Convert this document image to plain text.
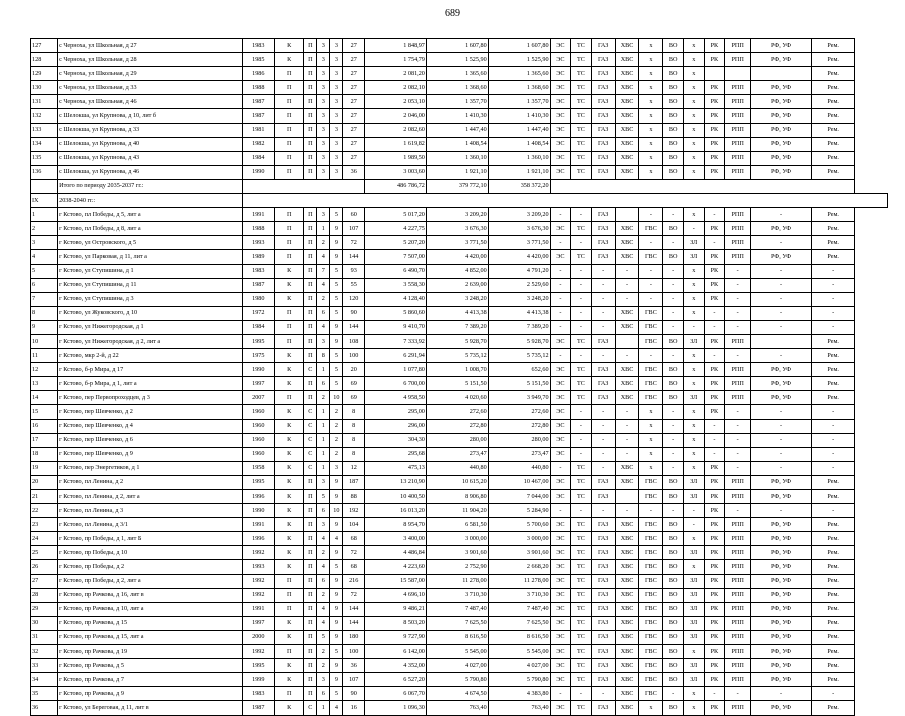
689
127	с Черноха, ул Школьная, д 27	1983	К	П	3	3	27	1 848,97	1 607,80	1 607,80	ЭС	ТС	ГАЗ	ХВС	х	ВО	х	РК	РПП	РФ, УФ	Рем.
128	с Черноха, ул Школьная, д 28	1985	К	П	3	3	27	1 754,79	1 525,90	1 525,90	ЭС	ТС	ГАЗ	ХВС	х	ВО	х	РК	РПП	РФ, УФ	Рем.
129	с Черноха, ул Школьная, д 29	1986	П	П	3	3	27	2 081,20	1 365,60	1 365,60	ЭС	ТС	ГАЗ	ХВС	х	ВО	х				Рем.
130	с Черноха, ул Школьная, д 33	1988	П	П	3	3	27	2 082,10	1 368,60	1 368,60	ЭС	ТС	ГАЗ	ХВС	х	ВО	х	РК	РПП	РФ, УФ	Рем.
131	с Черноха, ул Школьная, д 46	1987	П	П	3	3	27	2 053,10	1 357,70	1 357,70	ЭС	ТС	ГАЗ	ХВС	х	ВО	х	РК	РПП	РФ, УФ	Рем.
132	с Шелокша, ул Крупнова, д 10, лит б	1987	П	П	3	3	27	2 046,00	1 410,30	1 410,30	ЭС	ТС	ГАЗ	ХВС	х	ВО	х	РК	РПП	РФ, УФ	Рем.
133	с Шелокша, ул Крупнова, д 33	1981	П	П	3	3	27	2 082,60	1 447,40	1 447,40	ЭС	ТС	ГАЗ	ХВС	х	ВО	х	РК	РПП	РФ, УФ	Рем.
134	с Шелокша, ул Крупнова, д 40	1982	П	П	3	3	27	1 619,82	1 408,54	1 408,54	ЭС	ТС	ГАЗ	ХВС	х	ВО	х	РК	РПП	РФ, УФ	Рем.
135	с Шелокша, ул Крупнова, д 43	1984	П	П	3	3	27	1 989,50	1 360,10	1 360,10	ЭС	ТС	ГАЗ	ХВС	х	ВО	х	РК	РПП	РФ, УФ	Рем.
136	с Шелокша, ул Крупнова, д 46	1990	П	П	3	3	36	3 003,60	1 921,10	1 921,10	ЭС	ТС	ГАЗ	ХВС	х	ВО	х	РК	РПП	РФ, УФ	Рем.
	Итого по периоду 2035-2037 гг.:							486 786,72	379 772,10	358 372,20											
IX	2038-2040 гг.:																				
1	г Кстово, пл Победы, д 5, лит а	1991	П	П	3	5	60	5 017,20	3 209,20	3 209,20	-	-	ГАЗ		-	-	х	-	РПП	-	Рем.
2	г Кстово, пл Победы, д 8, лит а	1988	П	П	1	9	107	4 227,75	3 676,30	3 676,30	ЭС	ТС	ГАЗ	ХВС	ГВС	ВО	-	РК	РПП	РФ, УФ	Рем.
3	г Кстово, ул Островского, д 5	1993	П	П	2	9	72	5 207,20	3 771,50	3 771,50	-	-	ГАЗ	ХВС	-	-	ЗЛ	-	РПП	-	Рем.
4	г Кстово, ул Парковая, д 11, лит а	1989	П	П	4	9	144	7 507,00	4 420,00	4 420,00	ЭС	ТС	ГАЗ	ХВС	ГВС	ВО	ЗЛ	РК	РПП	РФ, УФ	Рем.
5	г Кстово, ул Ступишина, д 1	1983	К	П	7	5	93	6 490,70	4 852,00	4 791,20	-	-	-	-	-	-	х	РК	-	-	-
6	г Кстово, ул Ступишина, д 11	1987	К	П	4	5	55	3 558,30	2 639,00	2 529,60	-	-	-	-	-	-	х	РК	-	-	-
7	г Кстово, ул Ступишина, д 3	1980	К	П	2	5	120	4 128,40	3 248,20	3 248,20	-	-	-	-	-	-	х	РК	-	-	-
8	г Кстово, ул Жуковского, д 10	1972	П	П	6	5	90	5 860,60	4 413,38	4 413,38	-	-	-	ХВС	ГВС	-	х	-	-	-	-
9	г Кстово, ул Нижегородская, д 1	1984	П	П	4	9	144	9 410,70	7 389,20	7 389,20	-	-	-	ХВС	ГВС	-	-	-	-	-	-
10	г Кстово, ул Нижегородская, д 2, лит а	1995	П	П	3	9	108	7 333,92	5 928,70	5 928,70	ЭС	ТС	ГАЗ		ГВС	ВО	ЗЛ	РК	РПП		Рем.
11	г Кстово, мкр 2-й, д 22	1975	К	П	8	5	100	6 291,94	5 735,12	5 735,12	-	-	-	-	-	-	х	-	-	-	Рем.
12	г Кстово, б-р Мира, д 17	1990	К	С	1	5	20	1 077,80	1 008,70	652,60	ЭС	ТС	ГАЗ	ХВС	ГВС	ВО	х	РК	РПП	РФ, УФ	Рем.
13	г Кстово, б-р Мира, д 1, лит а	1997	К	П	6	5	69	6 700,00	5 151,50	5 151,50	ЭС	ТС	ГАЗ	ХВС	ГВС	ВО	х	РК	РПП	РФ, УФ	Рем.
14	г Кстово, пер Первопроходцев, д 3	2007	П	П	2	10	69	4 958,50	4 020,60	3 949,70	ЭС	ТС	ГАЗ	ХВС	ГВС	ВО	ЗЛ	РК	РПП	РФ, УФ	Рем.
15	г Кстово, пер Шевченко, д 2	1960	К	С	1	2	8	295,00	272,60	272,60	ЭС	-	-	-	х	-	х	РК	-	-	-
16	г Кстово, пер Шевченко, д 4	1960	К	С	1	2	8	296,00	272,80	272,80	ЭС	-	-	-	х	-	х	-	-	-	-
17	г Кстово, пер Шевченко, д 6	1960	К	С	1	2	8	304,30	280,00	280,00	ЭС	-	-	-	х	-	х	-	-	-	-
18	г Кстово, пер Шевченко, д 9	1960	К	С	1	2	8	295,68	273,47	273,47	ЭС	-	-	-	х	-	х	-	-	-	-
19	г Кстово, пер Энергетиков, д 1	1958	К	С	1	3	12	475,13	440,80	440,80	-	ТС	-	ХВС	х	-	х	РК	-	-	-
20	г Кстово, пл Ленина, д 2	1995	К	П	3	9	187	13 210,90	10 615,20	10 467,00	ЭС	ТС	ГАЗ	ХВС	ГВС	ВО	ЗЛ	РК	РПП	РФ, УФ	Рем.
21	г Кстово, пл Ленина, д 2, лит а	1996	К	П	5	9	88	10 400,50	8 906,80	7 044,00	ЭС	ТС	ГАЗ		ГВС	ВО	ЗЛ	РК	РПП	РФ, УФ	Рем.
22	г Кстово, пл Ленина, д 3	1990	К	П	6	10	192	16 013,20	11 904,20	5 284,90	-	-	-	-	-	-	-	РК	-	-	-
23	г Кстово, пл Ленина, д 3/1	1991	К	П	3	9	104	8 954,70	6 581,50	5 700,60	ЭС	ТС	ГАЗ	ХВС	ГВС	ВО	-	РК	РПП	РФ, УФ	Рем.
24	г Кстово, пр Победы, д 1, лит Б	1996	К	П	4	4	68	3 400,00	3 000,00	3 000,00	ЭС	ТС	ГАЗ	ХВС	ГВС	ВО	х	РК	РПП	РФ, УФ	Рем.
25	г Кстово, пр Победы, д 10	1992	К	П	2	9	72	4 486,84	3 901,60	3 901,60	ЭС	ТС	ГАЗ	ХВС	ГВС	ВО	ЗЛ	РК	РПП	РФ, УФ	Рем.
26	г Кстово, пр Победы, д 2	1993	К	П	4	5	68	4 223,60	2 752,90	2 668,20	ЭС	ТС	ГАЗ	ХВС	ГВС	ВО	х	РК	РПП	РФ, УФ	Рем.
27	г Кстово, пр Победы, д 2, лит а	1992	П	П	6	9	216	15 587,00	11 278,00	11 278,00	ЭС	ТС	ГАЗ	ХВС	ГВС	ВО	ЗЛ	РК	РПП	РФ, УФ	Рем.
28	г Кстово, пр Рачкова, д 16, лит в	1992	П	П	2	9	72	4 696,10	3 710,30	3 710,30	ЭС	ТС	ГАЗ	ХВС	ГВС	ВО	ЗЛ	РК	РПП	РФ, УФ	Рем.
29	г Кстово, пр Рачкова, д 10, лит а	1991	П	П	4	9	144	9 486,21	7 487,40	7 487,40	ЭС	ТС	ГАЗ	ХВС	ГВС	ВО	ЗЛ	РК	РПП	РФ, УФ	Рем.
30	г Кстово, пр Рачкова, д 15	1997	К	П	4	9	144	8 503,20	7 625,50	7 625,50	ЭС	ТС	ГАЗ	ХВС	ГВС	ВО	ЗЛ	РК	РПП	РФ, УФ	Рем.
31	г Кстово, пр Рачкова, д 15, лит а	2000	К	П	5	9	180	9 727,90	8 616,50	8 616,50	ЭС	ТС	ГАЗ	ХВС	ГВС	ВО	ЗЛ	РК	РПП	РФ, УФ	Рем.
32	г Кстово, пр Рачкова, д 19	1992	П	П	2	5	100	6 142,00	5 545,00	5 545,00	ЭС	ТС	ГАЗ	ХВС	ГВС	ВО	х	РК	РПП	РФ, УФ	Рем.
33	г Кстово, пр Рачкова, д 5	1995	К	П	2	9	36	4 352,00	4 027,00	4 027,00	ЭС	ТС	ГАЗ	ХВС	ГВС	ВО	ЗЛ	РК	РПП	РФ, УФ	Рем.
34	г Кстово, пр Рачкова, д 7	1999	К	П	3	9	107	6 527,20	5 790,80	5 790,80	ЭС	ТС	ГАЗ	ХВС	ГВС	ВО	ЗЛ	РК	РПП	РФ, УФ	Рем.
35	г Кстово, пр Рачкова, д 9	1983	П	П	6	5	90	6 067,70	4 674,50	4 383,80	-	-	-	ХВС	ГВС	-	х	-	-	-	-
36	г Кстово, ул Береговая, д 11, лит в	1987	К	С	1	4	16	1 096,30	763,40	763,40	ЭС	ТС	ГАЗ	ХВС	х	ВО	х	РК	РПП	РФ, УФ	Рем.
